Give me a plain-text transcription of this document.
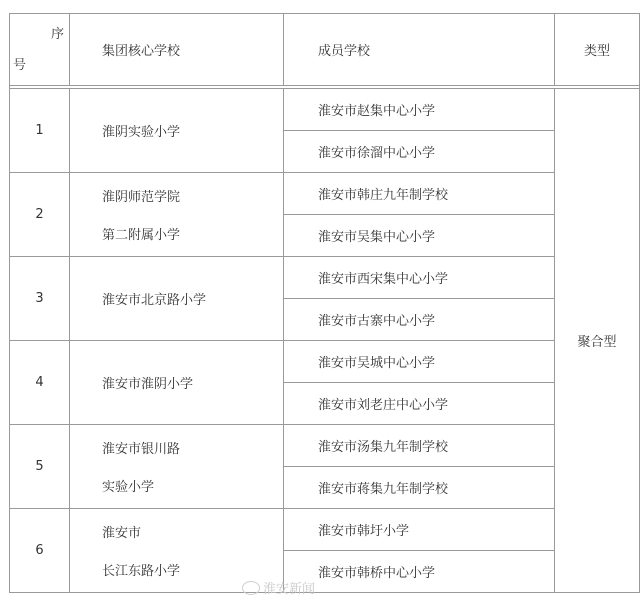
序
号	集团核心学校	成员学校	类型

1	淮阴实验小学	淮安市赵集中心小学	聚合型
		淮安市徐溜中心小学	
2	淮阴师范学院
第二附属小学	淮安市韩庄九年制学校	
		淮安市吴集中心小学	
3	淮安市北京路小学	淮安市西宋集中心小学	
		淮安市古寨中心小学	
4	淮安市淮阴小学	淮安市吴城中心小学	
		淮安市刘老庄中心小学	
5	淮安市银川路
实验小学	淮安市汤集九年制学校	
		淮安市蒋集九年制学校	
6	淮安市
长江东路小学	淮安市韩圩小学	
		淮安市韩桥中心小学	
淮安新闻
